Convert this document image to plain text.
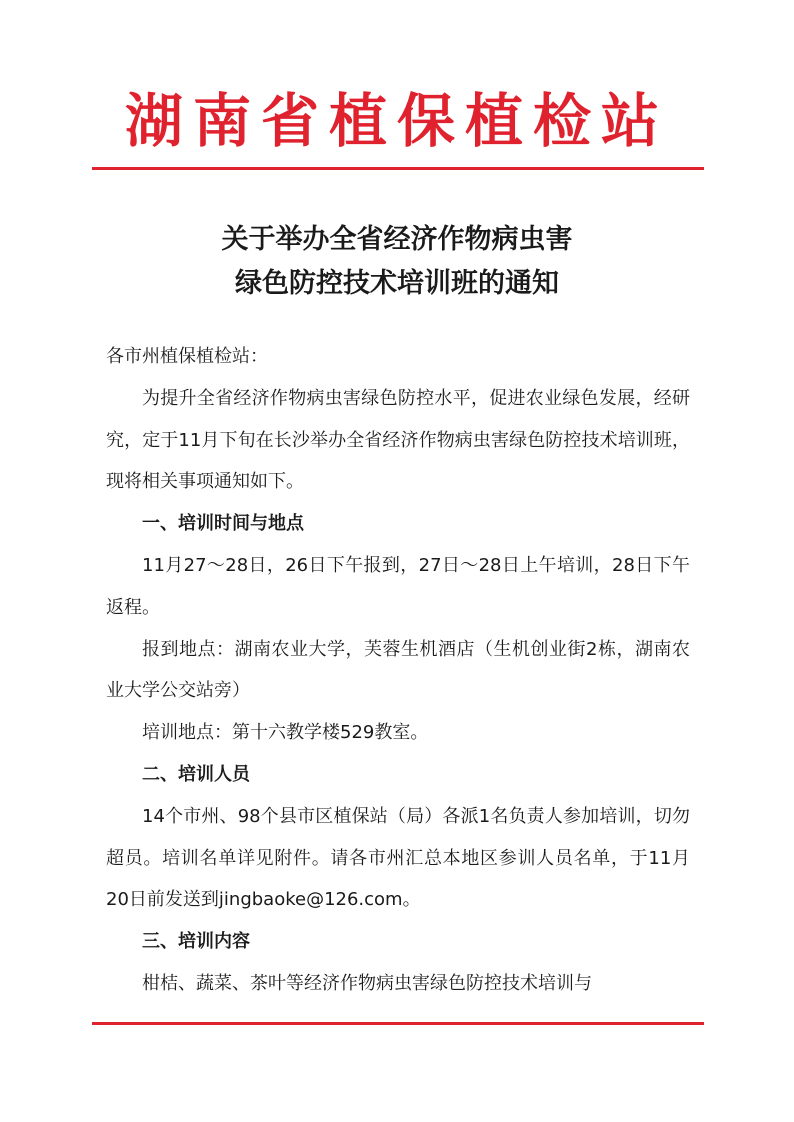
湖南省植保植检站
关于举办全省经济作物病虫害
绿色防控技术培训班的通知

各市州植保植检站：

为提升全省经济作物病虫害绿色防控水平，促进农业绿色发展，经研究，定于11月下旬在长沙举办全省经济作物病虫害绿色防控技术培训班，现将相关事项通知如下。

一、培训时间与地点

11月27～28日，26日下午报到，27日～28日上午培训，28日下午返程。

报到地点：湖南农业大学，芙蓉生机酒店（生机创业街2栋，湖南农业大学公交站旁）

培训地点：第十六教学楼529教室。

二、培训人员

14个市州、98个县市区植保站（局）各派1名负责人参加培训，切勿超员。培训名单详见附件。请各市州汇总本地区参训人员名单，于11月20日前发送到jingbaoke@126.com。

三、培训内容

柑桔、蔬菜、茶叶等经济作物病虫害绿色防控技术培训与
